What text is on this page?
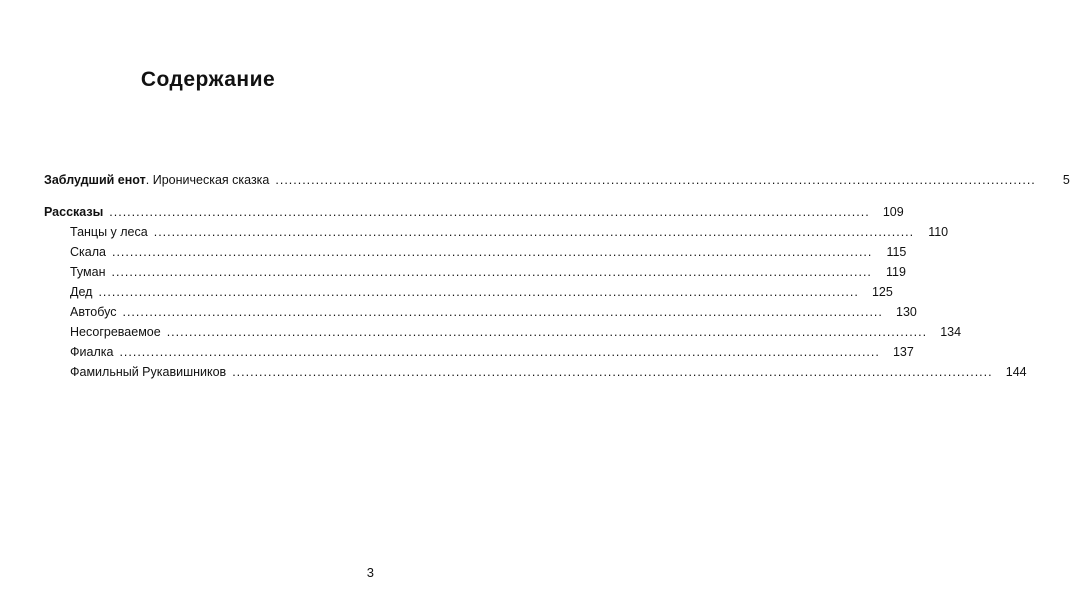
Содержание
Заблудший енот. Ироническая сказка .....	5
Рассказы .....	109
Танцы у леса .....	110
Скала .....	115
Туман .....	119
Дед .....	125
Автобус .....	130
Несогреваемое .....	134
Фиалка .....	137
Фамильный Рукавишников .....	144
3
